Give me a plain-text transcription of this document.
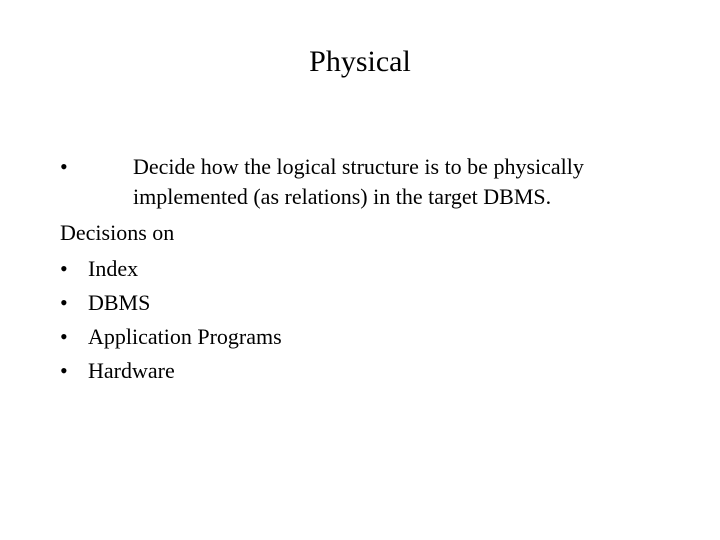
Physical
•	Decide how the logical structure is to be physically
implemented (as relations) in the target DBMS.
Decisions on
• Index
• DBMS
• Application Programs
• Hardware
